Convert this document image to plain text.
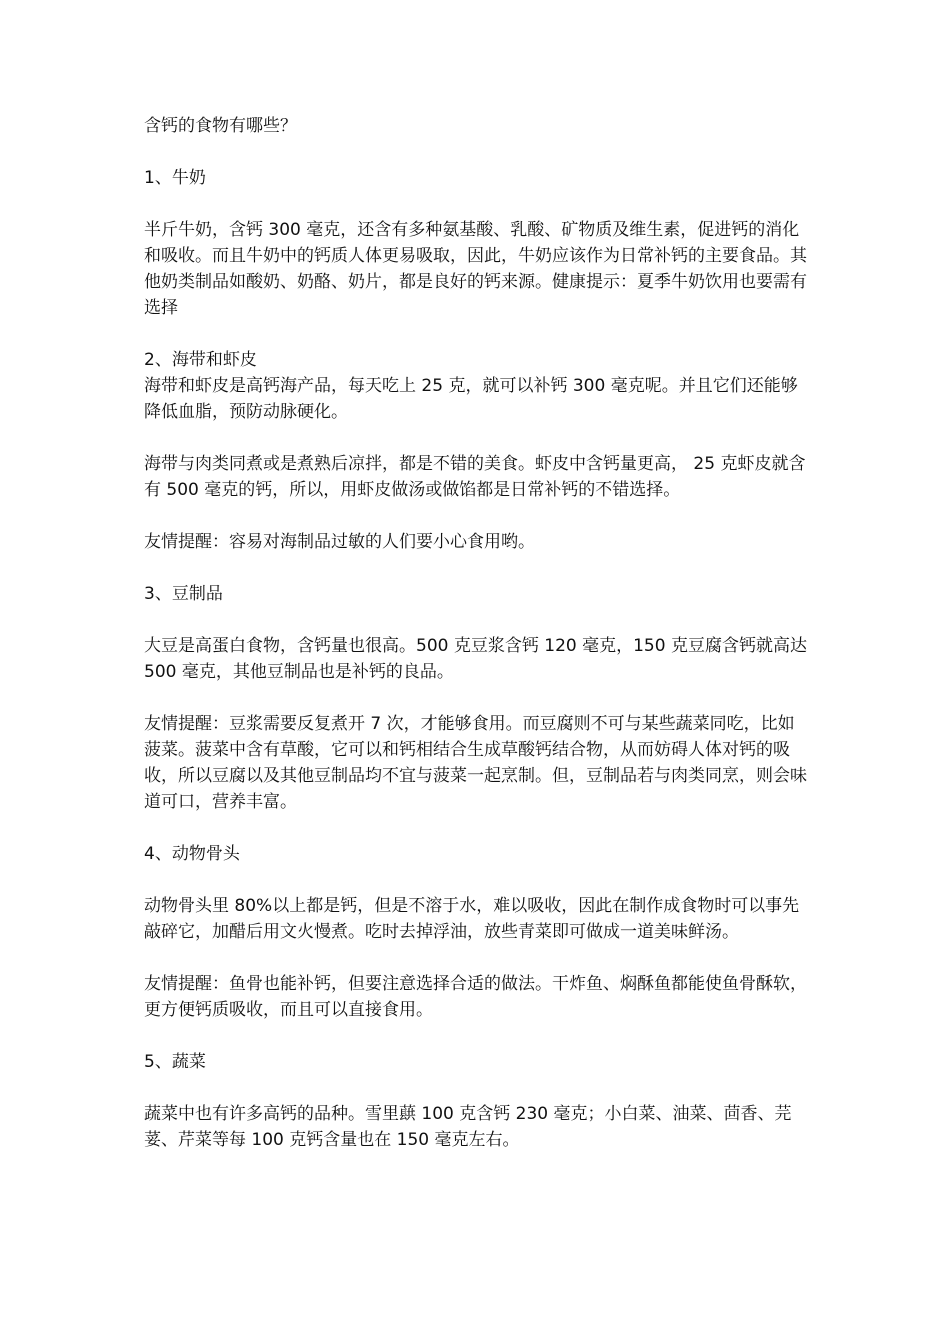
含钙的食物有哪些？

1、牛奶

半斤牛奶，含钙 300 毫克，还含有多种氨基酸、乳酸、矿物质及维生素，促进钙的消化和吸收。而且牛奶中的钙质人体更易吸取，因此，牛奶应该作为日常补钙的主要食品。其他奶类制品如酸奶、奶酪、奶片，都是良好的钙来源。健康提示：夏季牛奶饮用也要需有选择

2、海带和虾皮

海带和虾皮是高钙海产品，每天吃上 25 克，就可以补钙 300 毫克呢。并且它们还能够降低血脂，预防动脉硬化。

海带与肉类同煮或是煮熟后凉拌，都是不错的美食。虾皮中含钙量更高， 25 克虾皮就含有 500 毫克的钙，所以，用虾皮做汤或做馅都是日常补钙的不错选择。

友情提醒：容易对海制品过敏的人们要小心食用哟。

3、豆制品

大豆是高蛋白食物，含钙量也很高。500 克豆浆含钙 120 毫克，150 克豆腐含钙就高达 500 毫克，其他豆制品也是补钙的良品。

友情提醒：豆浆需要反复煮开 7 次，才能够食用。而豆腐则不可与某些蔬菜同吃，比如菠菜。菠菜中含有草酸，它可以和钙相结合生成草酸钙结合物，从而妨碍人体对钙的吸收，所以豆腐以及其他豆制品均不宜与菠菜一起烹制。但，豆制品若与肉类同烹，则会味道可口，营养丰富。

4、动物骨头

动物骨头里 80%以上都是钙，但是不溶于水，难以吸收，因此在制作成食物时可以事先敲碎它，加醋后用文火慢煮。吃时去掉浮油，放些青菜即可做成一道美味鲜汤。

友情提醒：鱼骨也能补钙，但要注意选择合适的做法。干炸鱼、焖酥鱼都能使鱼骨酥软，更方便钙质吸收，而且可以直接食用。

5、蔬菜

蔬菜中也有许多高钙的品种。雪里蕻 100 克含钙 230 毫克；小白菜、油菜、茴香、芫荽、芹菜等每 100 克钙含量也在 150 毫克左右。
